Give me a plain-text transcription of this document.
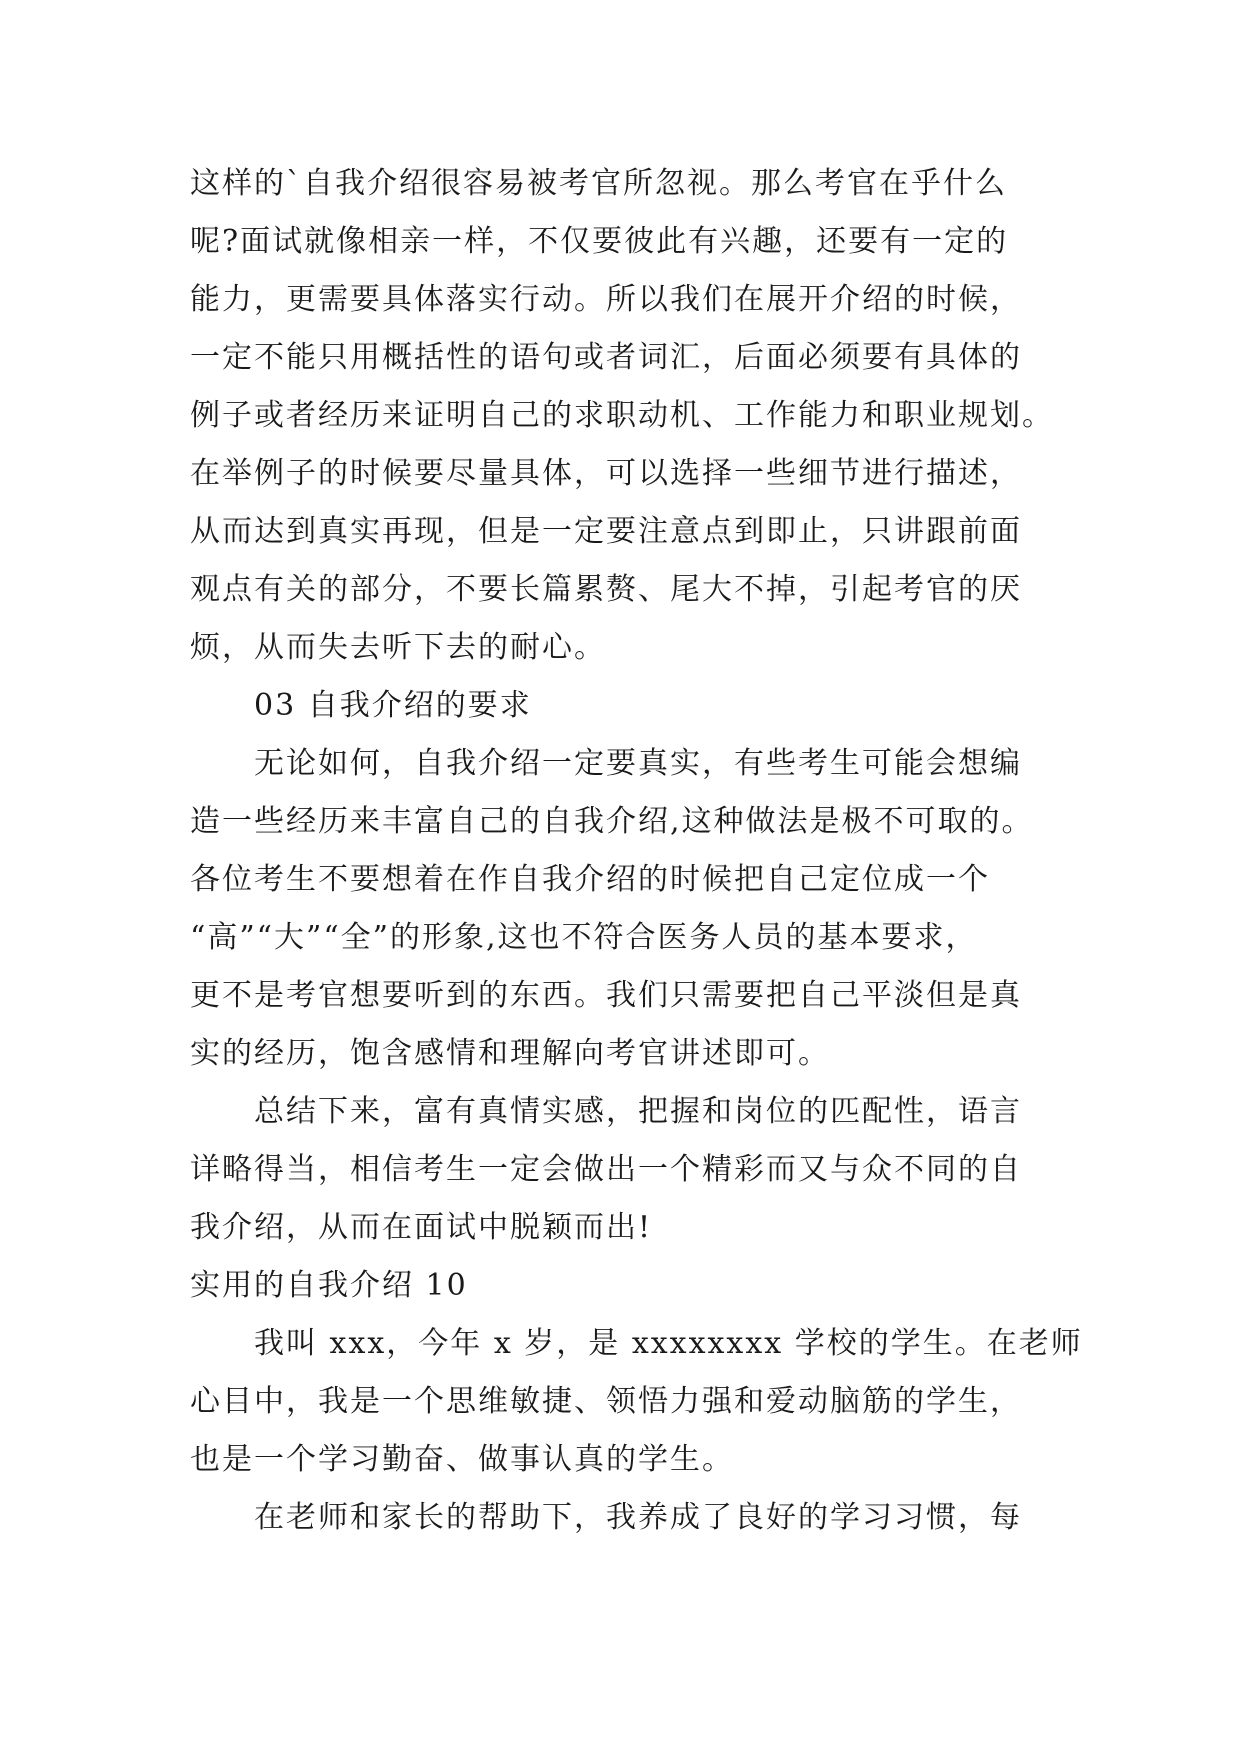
这样的`自我介绍很容易被考官所忽视。那么考官在乎什么
呢?面试就像相亲一样，不仅要彼此有兴趣，还要有一定的
能力，更需要具体落实行动。所以我们在展开介绍的时候，
一定不能只用概括性的语句或者词汇，后面必须要有具体的
例子或者经历来证明自己的求职动机、工作能力和职业规划。
在举例子的时候要尽量具体，可以选择一些细节进行描述，
从而达到真实再现，但是一定要注意点到即止，只讲跟前面
观点有关的部分，不要长篇累赘、尾大不掉，引起考官的厌
烦，从而失去听下去的耐心。
03 自我介绍的要求
无论如何，自我介绍一定要真实，有些考生可能会想编
造一些经历来丰富自己的自我介绍,这种做法是极不可取的。
各位考生不要想着在作自我介绍的时候把自己定位成一个
“高”“大”“全”的形象,这也不符合医务人员的基本要求，
更不是考官想要听到的东西。我们只需要把自己平淡但是真
实的经历，饱含感情和理解向考官讲述即可。
总结下来，富有真情实感，把握和岗位的匹配性，语言
详略得当，相信考生一定会做出一个精彩而又与众不同的自
我介绍，从而在面试中脱颖而出!
实用的自我介绍 10
我叫 xxx，今年 x 岁，是 xxxxxxxx 学校的学生。在老师
心目中，我是一个思维敏捷、领悟力强和爱动脑筋的学生，
也是一个学习勤奋、做事认真的学生。
在老师和家长的帮助下，我养成了良好的学习习惯，每
